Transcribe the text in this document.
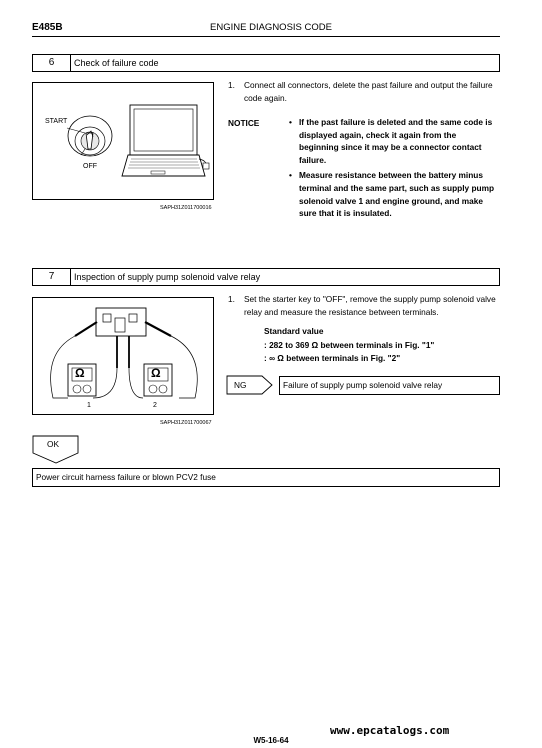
E485B	ENGINE DIAGNOSIS CODE
6 Check of failure code
START
OFF
SAPH31Z011700016
1. Connect all connectors, delete the past failure and output the failure code again.
NOTICE	• If the past failure is deleted and the same code is displayed again, check it again from the beginning since it may be a connector contact failure.
• Measure resistance between the battery minus terminal and the same part, such as supply pump solenoid valve 1 and engine ground, and make sure that it is insulated.
7 Inspection of supply pump solenoid valve relay
Ω	Ω
1	2
SAPH31Z011700067
1. Set the starter key to "OFF", remove the supply pump solenoid valve relay and measure the resistance between terminals.
Standard value
: 282 to 369 Ω between terminals in Fig. "1"
: ∞ Ω between terminals in Fig. "2"
NG	Failure of supply pump solenoid valve relay
OK
Power circuit harness failure or blown PCV2 fuse
www.epcatalogs.com
W5-16-64
